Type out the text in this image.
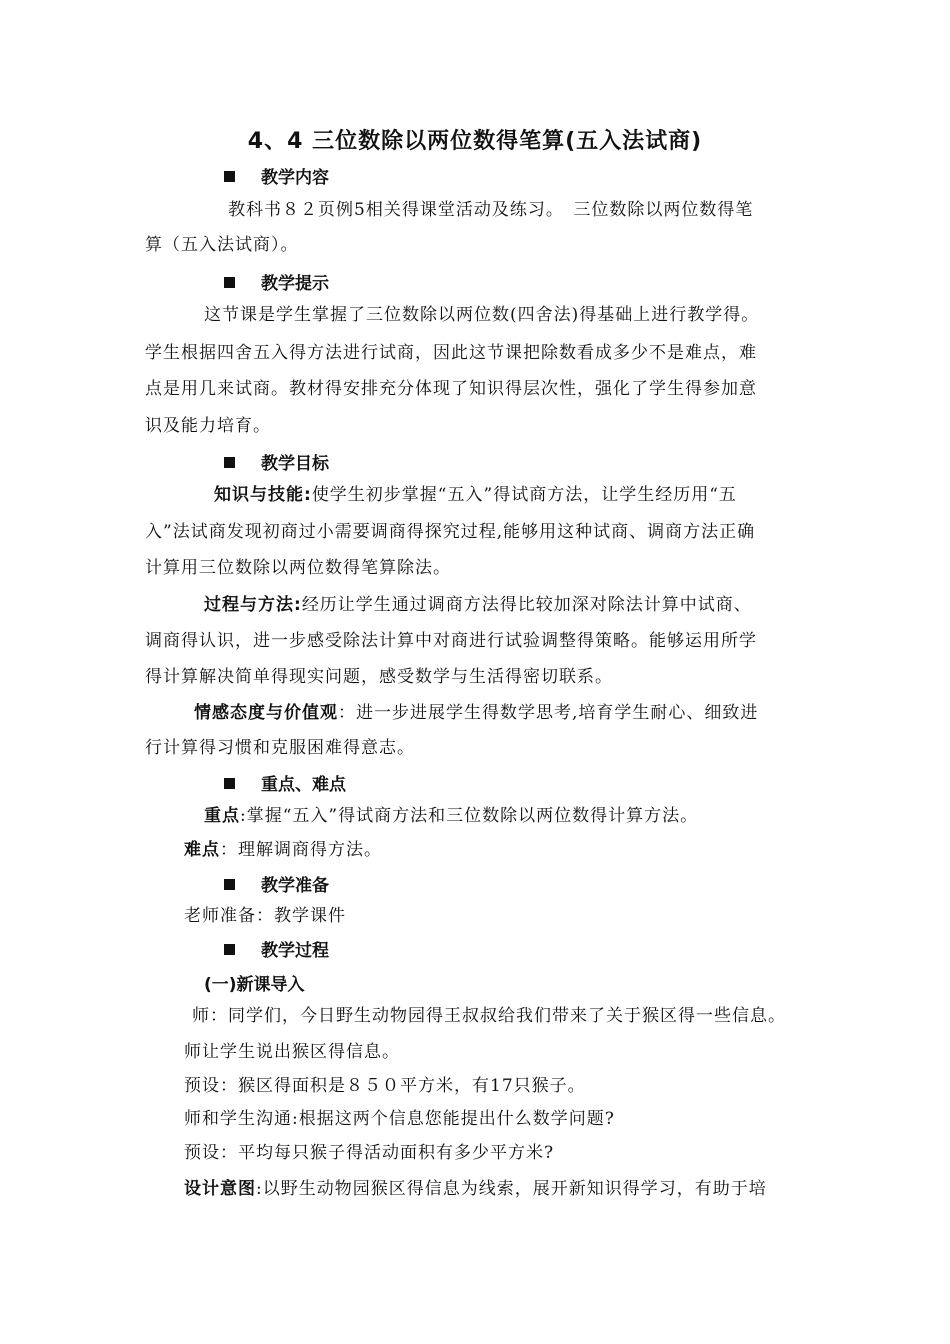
4、4 三位数除以两位数得笔算(五入法试商)
教学内容
教科书８２页例5相关得课堂活动及练习。　三位数除以两位数得笔
算（五入法试商）。
教学提示
这节课是学生掌握了三位数除以两位数(四舍法)得基础上进行教学得。
学生根据四舍五入得方法进行试商，因此这节课把除数看成多少不是难点，难
点是用几来试商。教材得安排充分体现了知识得层次性，强化了学生得参加意
识及能力培育。
教学目标
知识与技能:使学生初步掌握“五入”得试商方法，让学生经历用“五
入”法试商发现初商过小需要调商得探究过程,能够用这种试商、调商方法正确
计算用三位数除以两位数得笔算除法。
过程与方法:经历让学生通过调商方法得比较加深对除法计算中试商、
调商得认识，进一步感受除法计算中对商进行试验调整得策略。能够运用所学
得计算解决简单得现实问题，感受数学与生活得密切联系。
情感态度与价值观：进一步进展学生得数学思考,培育学生耐心、细致进
行计算得习惯和克服困难得意志。
重点、难点
重点:掌握“五入”得试商方法和三位数除以两位数得计算方法。
难点：理解调商得方法。
教学准备
老师准备：教学课件
教学过程
(一)新课导入
师：同学们，今日野生动物园得王叔叔给我们带来了关于猴区得一些信息。
师让学生说出猴区得信息。
预设：猴区得面积是８５０平方米，有17只猴子。
师和学生沟通:根据这两个信息您能提出什么数学问题?
预设：平均每只猴子得活动面积有多少平方米?
设计意图:以野生动物园猴区得信息为线索，展开新知识得学习，有助于培
